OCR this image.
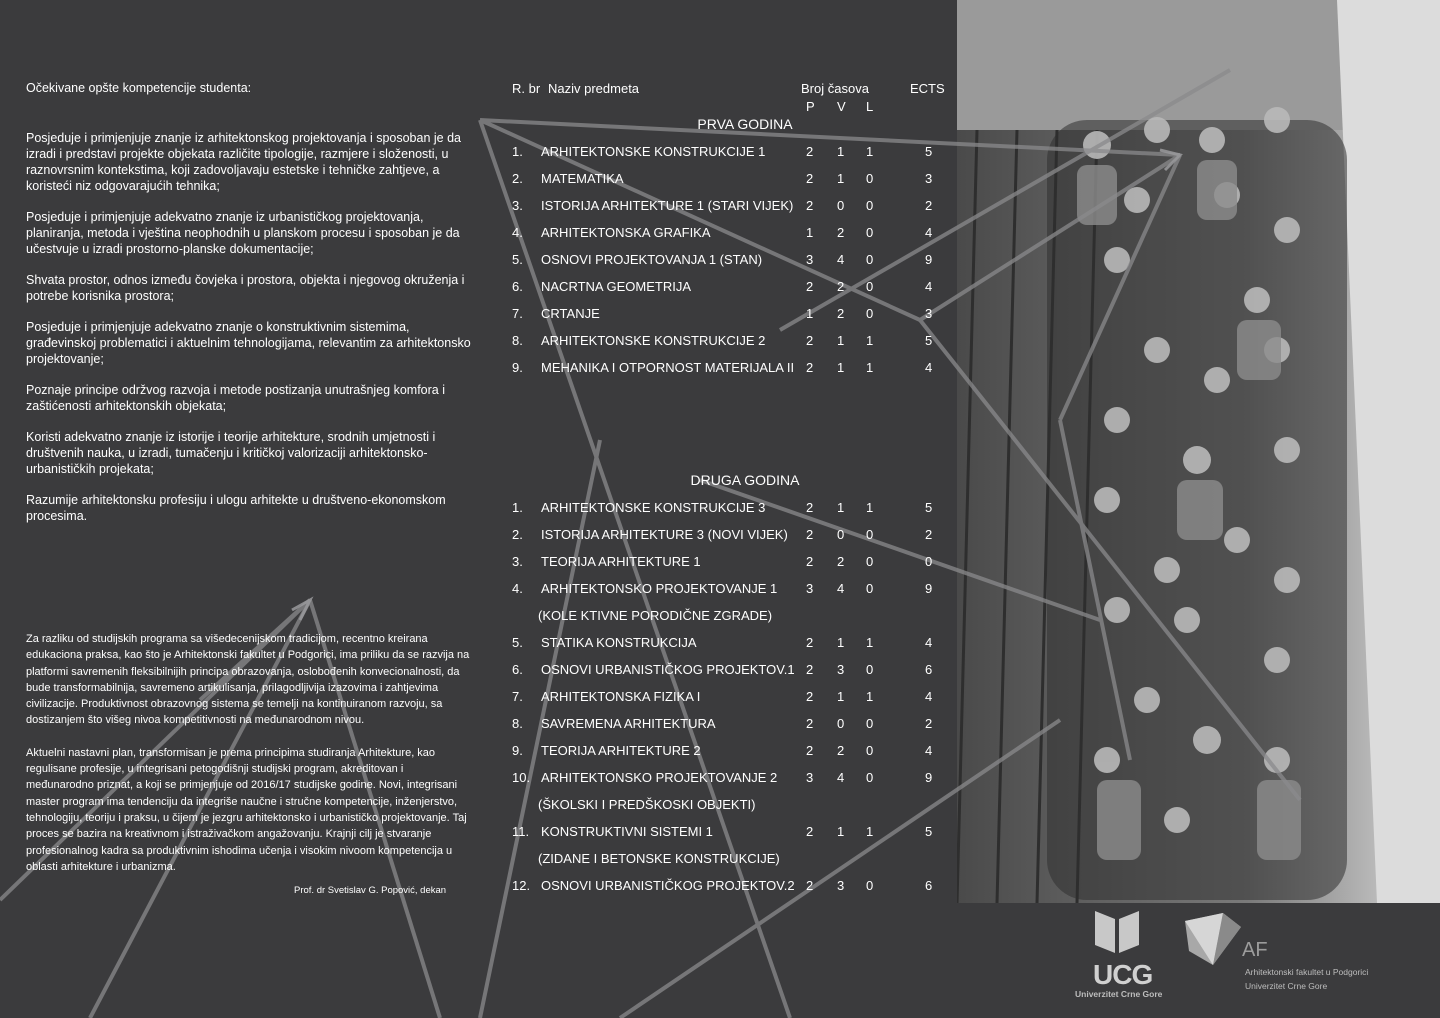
Očekivane opšte kompetencije studenta:

Posjeduje i primjenjuje znanje iz arhitektonskog projektovanja i sposoban je da izradi i predstavi projekte objekata različite tipologije, razmjere i složenosti, u raznovrsnim kontekstima, koji zadovoljavaju estetske i tehničke zahtjeve, a koristeći niz odgovarajućih tehnika;

Posjeduje i primjenjuje adekvatno znanje iz urbanističkog projektovanja, planiranja, metoda i vještina neophodnih u planskom procesu i sposoban je da učestvuje u izradi prostorno-planske dokumentacije;

Shvata prostor, odnos između čovjeka i prostora, objekta i njegovog okruženja i potrebe korisnika prostora;

Posjeduje i primjenjuje adekvatno znanje o konstruktivnim sistemima, građevinskoj problematici i aktuelnim tehnologijama, relevantim za arhitektonsko projektovanje;

Poznaje principe održvog razvoja i metode postizanja unutrašnjeg komfora i zaštićenosti arhitektonskih objekata;

Koristi adekvatno znanje iz istorije i teorije arhitekture, srodnih umjetnosti i društvenih nauka, u izradi, tumačenju i kritičkoj valorizaciji arhitektonsko-urbanističkih projekata;

Razumije arhitektonsku profesiju i ulogu arhitekte u društveno-ekonomskom procesima.

Za razliku od studijskih programa sa višedecenijskom tradicijom, recentno kreirana edukaciona praksa, kao što je Arhitektonski fakultet u Podgorici, ima priliku da se razvija na platformi savremenih fleksibilnijih principa obrazovanja, oslobođenih konvecionalnosti, da bude transformabilnija, savremeno artikulisanja, prilagodljivija izazovima i zahtjevima civilizacije. Produktivnost obrazovnog sistema se temelji na kontinuiranom razvoju, sa dostizanjem što višeg nivoa kompetitivnosti na međunarodnom nivou.

Aktuelni nastavni plan, transformisan je prema principima studiranja Arhitekture, kao regulisane profesije, u integrisani petogodišnji studijski program, akreditovan i međunarodno priznat, a koji se primjenjuje od 2016/17 studijske godine. Novi, integrisani master program ima tendenciju da integriše naučne i stručne kompetencije, inženjerstvo, tehnologiju, teoriju i praksu, u čijem je jezgru arhitektonsko i urbanističko projektovanje. Taj proces se bazira na kreativnom i istraživačkom angažovanju. Krajnji cilj je stvaranje profesionalnog kadra sa produktivnim ishodima učenja i visokim nivoom kompetencija u oblasti arhitekture i urbanizma.

Prof. dr Svetislav G. Popović, dekan
R. br Naziv predmeta	Broj časova	ECTS
P V L
PRVA GODINA
1. ARHITEKTONSKE KONSTRUKCIJE 1	2 1 1	5
2. MATEMATIKA	2 1 0	3
3. ISTORIJA ARHITEKTURE 1 (STARI VIJEK) 2 0 0	2
4. ARHITEKTONSKA GRAFIKA	1 2 0	4
5. OSNOVI PROJEKTOVANJA 1 (STAN)	3 4 0	9
6. NACRTNA GEOMETRIJA	2 2 0	4
7. CRTANJE	1 2 0	3
8. ARHITEKTONSKE KONSTRUKCIJE 2	2 1 1	5
9. MEHANIKA I OTPORNOST MATERIJALA II 2 1 1	4
DRUGA GODINA
1. ARHITEKTONSKE KONSTRUKCIJE 3	2 1 1	5
2. ISTORIJA ARHITEKTURE 3 (NOVI VIJEK) 2 0 0	2
3. TEORIJA ARHITEKTURE 1	2 2 0	0
4. ARHITEKTONSKO PROJEKTOVANJE 1 3 4 0	9
(KOLE KTIVNE PORODIČNE ZGRADE)
5. STATIKA KONSTRUKCIJA	2 1 1	4
6. OSNOVI URBANISTIČKOG PROJEKTOV.1 2 3 0	6
7. ARHITEKTONSKA FIZIKA I	2 1 1	4
8. SAVREMENA ARHITEKTURA	2 0 0	2
9. TEORIJA ARHITEKTURE 2	2 2 0	4
10. ARHITEKTONSKO PROJEKTOVANJE 2 3 4 0	9
(ŠKOLSKI I PREDŠKOSKI OBJEKTI)
11. KONSTRUKTIVNI SISTEMI 1	2 1 1	5
(ZIDANE I BETONSKE KONSTRUKCIJE)
12. OSNOVI URBANISTIČKOG PROJEKTOV.2 2 3 0	6
UCG
Univerzitet Crne Gore
AF
Arhitektonski fakultet u Podgorici
Univerzitet Crne Gore
